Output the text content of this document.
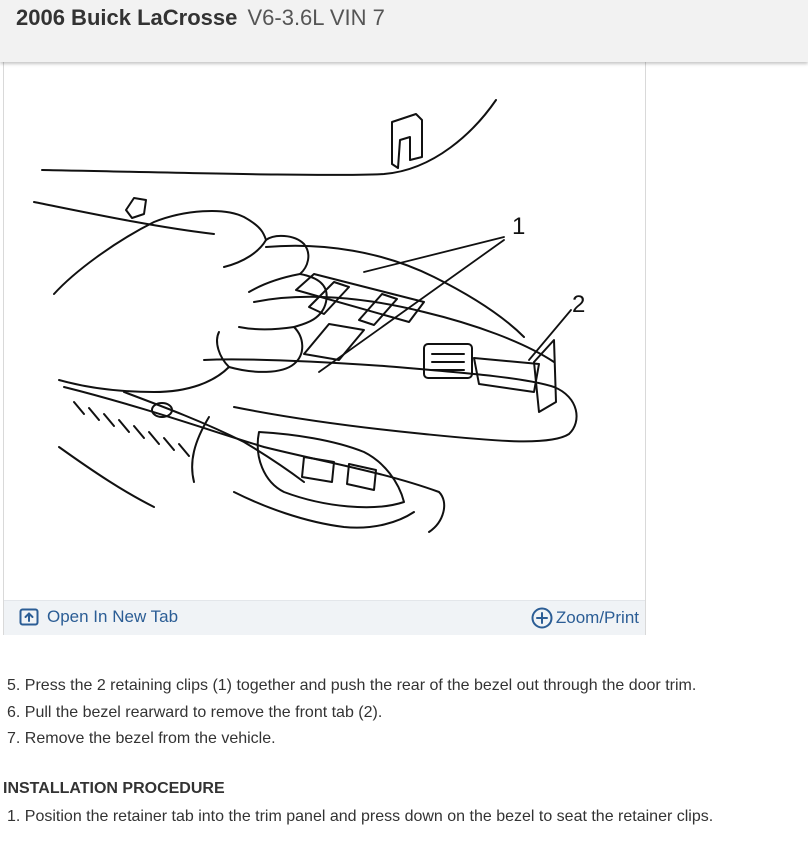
2006 Buick LaCrosse V6-3.6L VIN 7
1
2
Open In New Tab	Zoom/Print
5. Press the 2 retaining clips (1) together and push the rear of the bezel out through the door trim.
6. Pull the bezel rearward to remove the front tab (2).
7. Remove the bezel from the vehicle.
INSTALLATION PROCEDURE
1. Position the retainer tab into the trim panel and press down on the bezel to seat the retainer clips.
